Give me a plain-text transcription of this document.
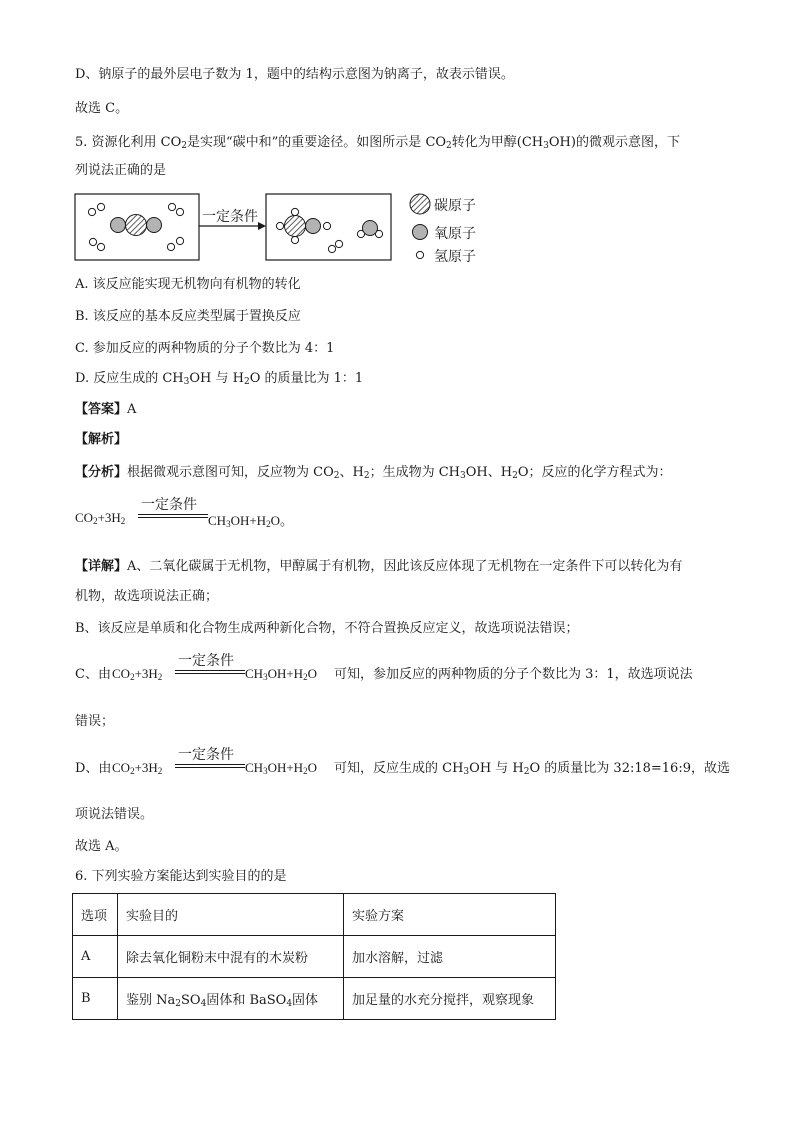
D、钠原子的最外层电子数为 1，题中的结构示意图为钠离子，故表示错误。
故选 C。
5. 资源化利用 $CO_2$是实现“碳中和”的重要途径。如图所示是 $CO_2$转化为甲醇$(CH_3OH)$的微观示意图，下
列说法正确的是
一定条件
碳原子
氧原子
氢原子
A. 该反应能实现无机物向有机物的转化
B. 该反应的基本反应类型属于置换反应
C. 参加反应的两种物质的分子个数比为 4：1
D. 反应生成的 $CH_3OH$ 与 $H_2O$ 的质量比为 1：1
【答案】A
【解析】
【分析】根据微观示意图可知，反应物为 $CO_2$、$H_2$；生成物为 $CH_3OH$、$H_2O$；反应的化学方程式为：
$CO_2+3H_2$
一定条件
$CH_3OH+H_2O$。
【详解】A、二氧化碳属于无机物，甲醇属于有机物，因此该反应体现了无机物在一定条件下可以转化为有
机物，故选项说法正确；
B、该反应是单质和化合物生成两种新化合物，不符合置换反应定义，故选项说法错误；
C、由 $CO_2+3H_2$
一定条件
$CH_3OH+H_2O$ 可知，参加反应的两种物质的分子个数比为 3：1，故选项说法
错误；
D、由 $CO_2+3H_2$
一定条件
$CH_3OH+H_2O$ 可知，反应生成的 $CH_3OH$ 与 $H_2O$ 的质量比为 32:18=16:9，故选
项说法错误。
故选 A。
6. 下列实验方案能达到实验目的的是
选项	实验目的	实验方案
A	除去氧化铜粉末中混有的木炭粉	加水溶解，过滤
B	鉴别 $Na_2SO_4$固体和 BaSO$_4$固体	加足量的水充分搅拌，观察现象
